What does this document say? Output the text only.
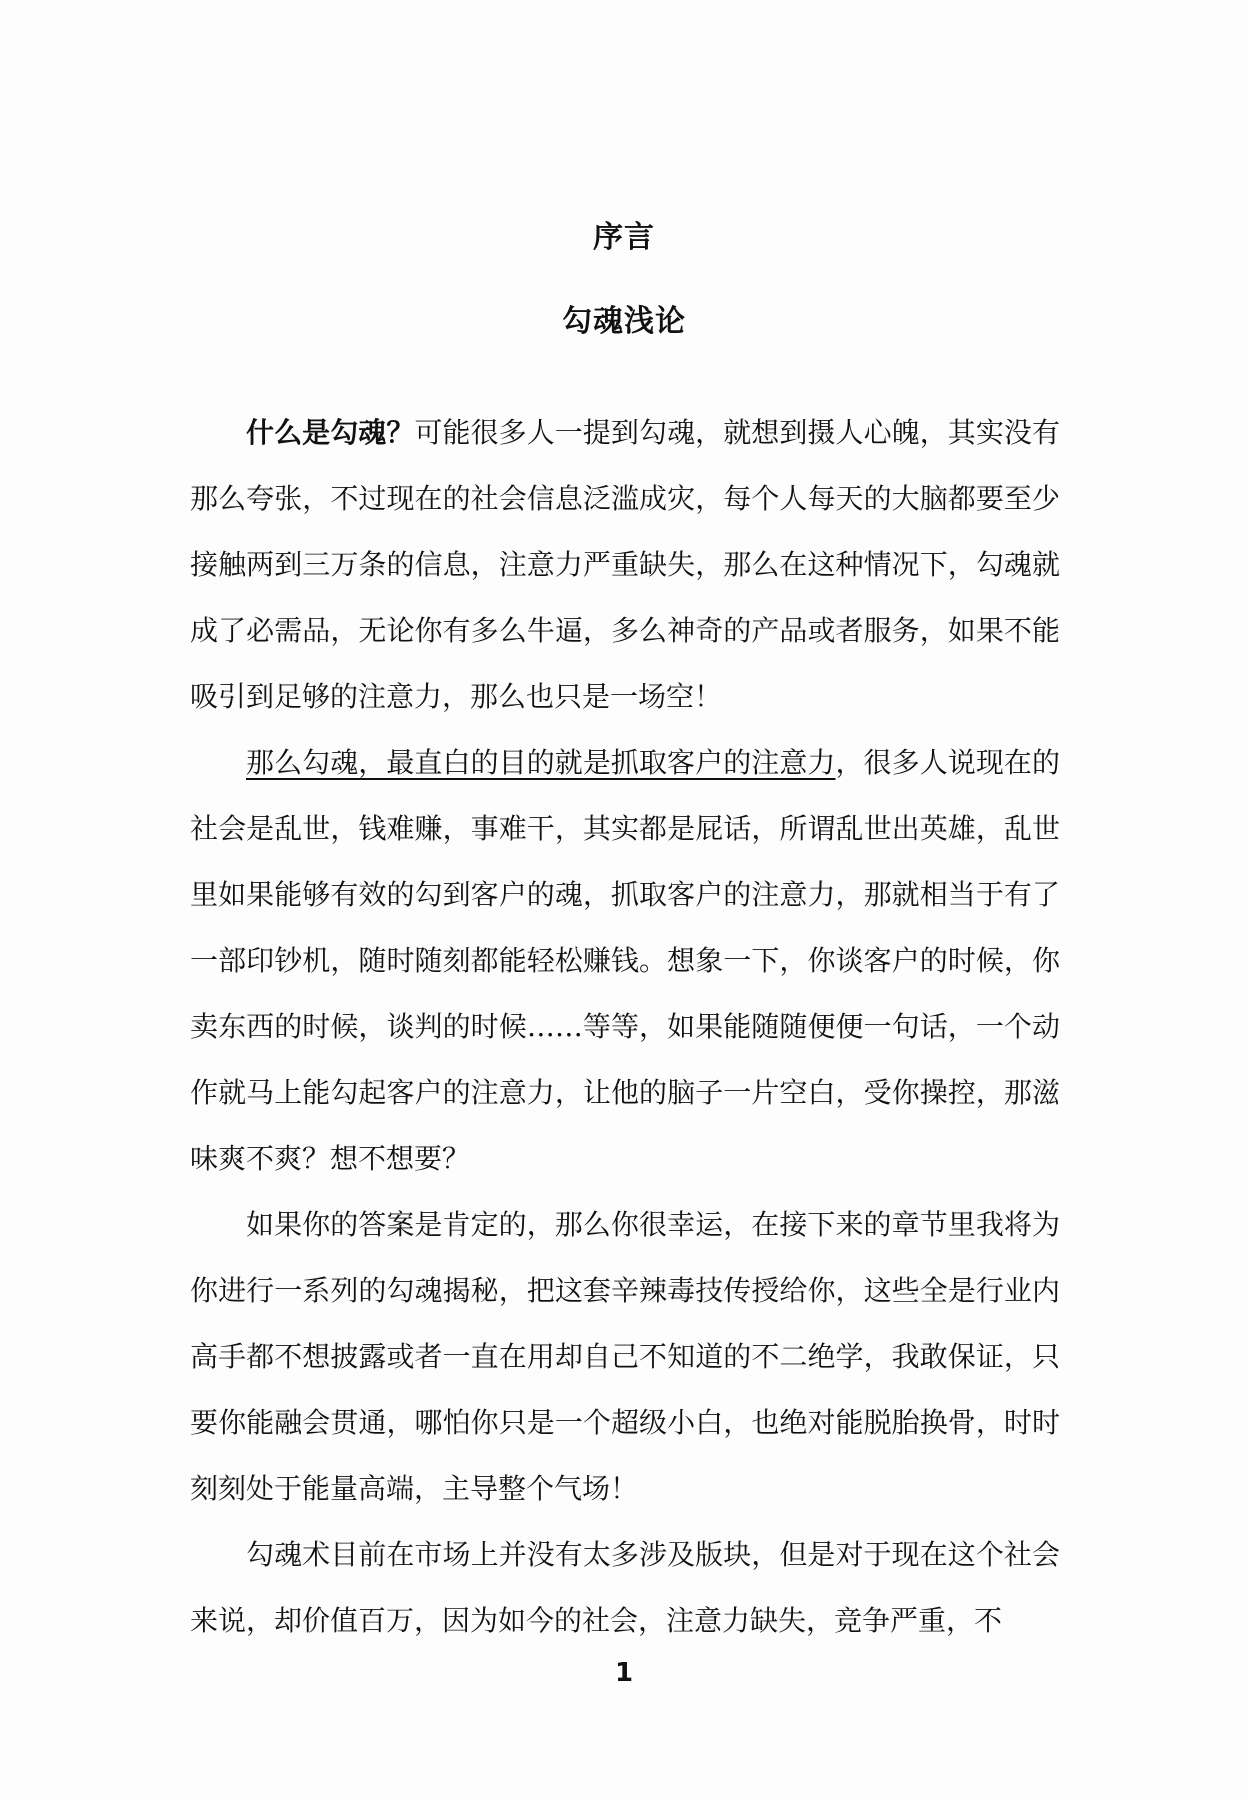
序言
勾魂浅论

什么是勾魂？可能很多人一提到勾魂，就想到摄人心魄，其实没有那么夸张，不过现在的社会信息泛滥成灾，每个人每天的大脑都要至少接触两到三万条的信息，注意力严重缺失，那么在这种情况下，勾魂就成了必需品，无论你有多么牛逼，多么神奇的产品或者服务，如果不能吸引到足够的注意力，那么也只是一场空！

那么勾魂，最直白的目的就是抓取客户的注意力，很多人说现在的社会是乱世，钱难赚，事难干，其实都是屁话，所谓乱世出英雄，乱世里如果能够有效的勾到客户的魂，抓取客户的注意力，那就相当于有了一部印钞机，随时随刻都能轻松赚钱。想象一下，你谈客户的时候，你卖东西的时候，谈判的时候……等等，如果能随随便便一句话，一个动作就马上能勾起客户的注意力，让他的脑子一片空白，受你操控，那滋味爽不爽？想不想要？

如果你的答案是肯定的，那么你很幸运，在接下来的章节里我将为你进行一系列的勾魂揭秘，把这套辛辣毒技传授给你，这些全是行业内高手都不想披露或者一直在用却自己不知道的不二绝学，我敢保证，只要你能融会贯通，哪怕你只是一个超级小白，也绝对能脱胎换骨，时时刻刻处于能量高端，主导整个气场！

勾魂术目前在市场上并没有太多涉及版块，但是对于现在这个社会来说，却价值百万，因为如今的社会，注意力缺失，竞争严重，不

1
